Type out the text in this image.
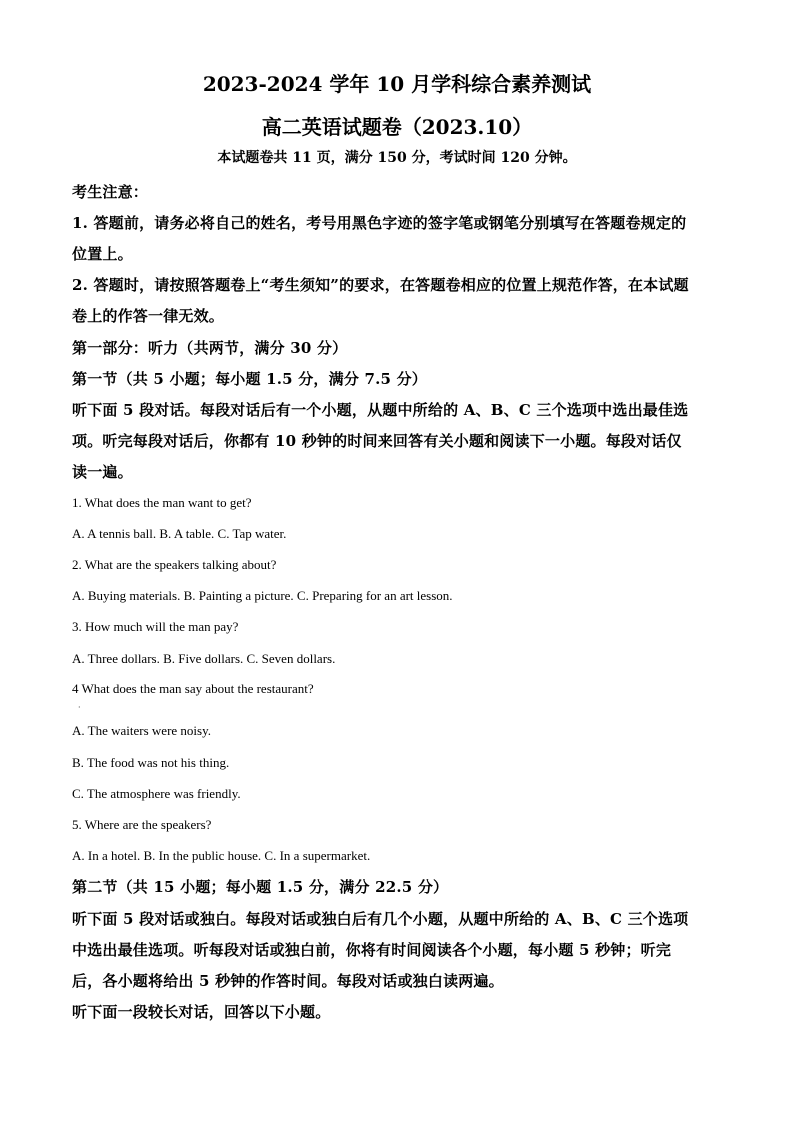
2023-2024 学年 10 月学科综合素养测试
高二英语试题卷（2023.10）
本试题卷共 11 页，满分 150 分，考试时间 120 分钟。
考生注意：
1. 答题前，请务必将自己的姓名，考号用黑色字迹的签字笔或钢笔分别填写在答题卷规定的
位置上。
2. 答题时，请按照答题卷上“考生须知”的要求，在答题卷相应的位置上规范作答，在本试题
卷上的作答一律无效。
第一部分：听力（共两节，满分 30 分）
第一节（共 5 小题；每小题 1.5 分，满分 7.5 分）
听下面 5 段对话。每段对话后有一个小题，从题中所给的 A、B、C 三个选项中选出最佳选
项。听完每段对话后，你都有 10 秒钟的时间来回答有关小题和阅读下一小题。每段对话仅
读一遍。
1. What does the man want to get?
A. A tennis ball. B. A table. C. Tap water.
2. What are the speakers talking about?
A. Buying materials. B. Painting a picture. C. Preparing for an art lesson.
3. How much will the man pay?
A. Three dollars. B. Five dollars. C. Seven dollars.
4 What does the man say about the restaurant?
·
A. The waiters were noisy.
B. The food was not his thing.
C. The atmosphere was friendly.
5. Where are the speakers?
A. In a hotel. B. In the public house. C. In a supermarket.
第二节（共 15 小题；每小题 1.5 分，满分 22.5 分）
听下面 5 段对话或独白。每段对话或独白后有几个小题，从题中所给的 A、B、C 三个选项
中选出最佳选项。听每段对话或独白前，你将有时间阅读各个小题，每小题 5 秒钟；听完
后，各小题将给出 5 秒钟的作答时间。每段对话或独白读两遍。
听下面一段较长对话，回答以下小题。
